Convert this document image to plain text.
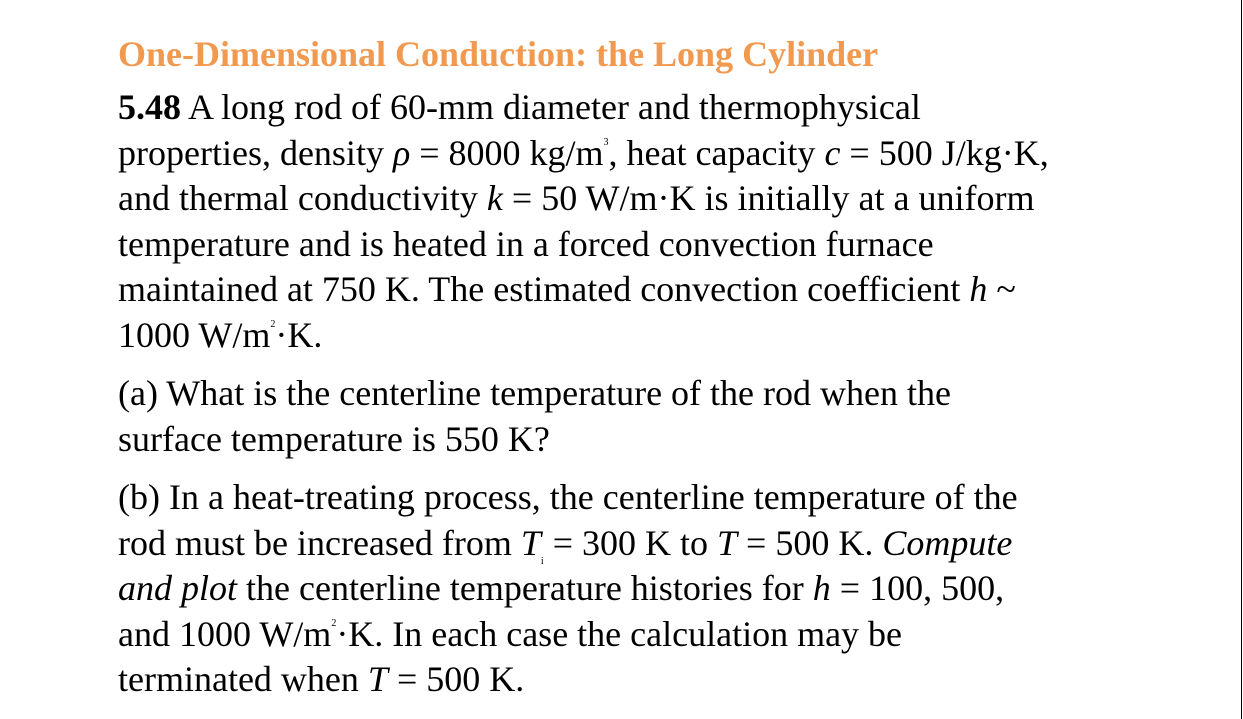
One-Dimensional Conduction: the Long Cylinder

5.48 A long rod of 60-mm diameter and thermophysical
properties, density ρ = 8000 $kg/m^3$, heat capacity c = 500 J/kg·K,
and thermal conductivity k = 50 W/m·K is initially at a uniform
temperature and is heated in a forced convection furnace
maintained at 750 K. The estimated convection coefficient h ~
1000 $W/m^2\cdot K$.

(a) What is the centerline temperature of the rod when the
surface temperature is 550 K?

(b) In a heat-treating process, the centerline temperature of the
rod must be increased from $T_i = 300$ K to T = 500 K. Compute
and plot the centerline temperature histories for h = 100, 500,
and 1000 $W/m^2\cdot K$. In each case the calculation may be
terminated when T = 500 K.
